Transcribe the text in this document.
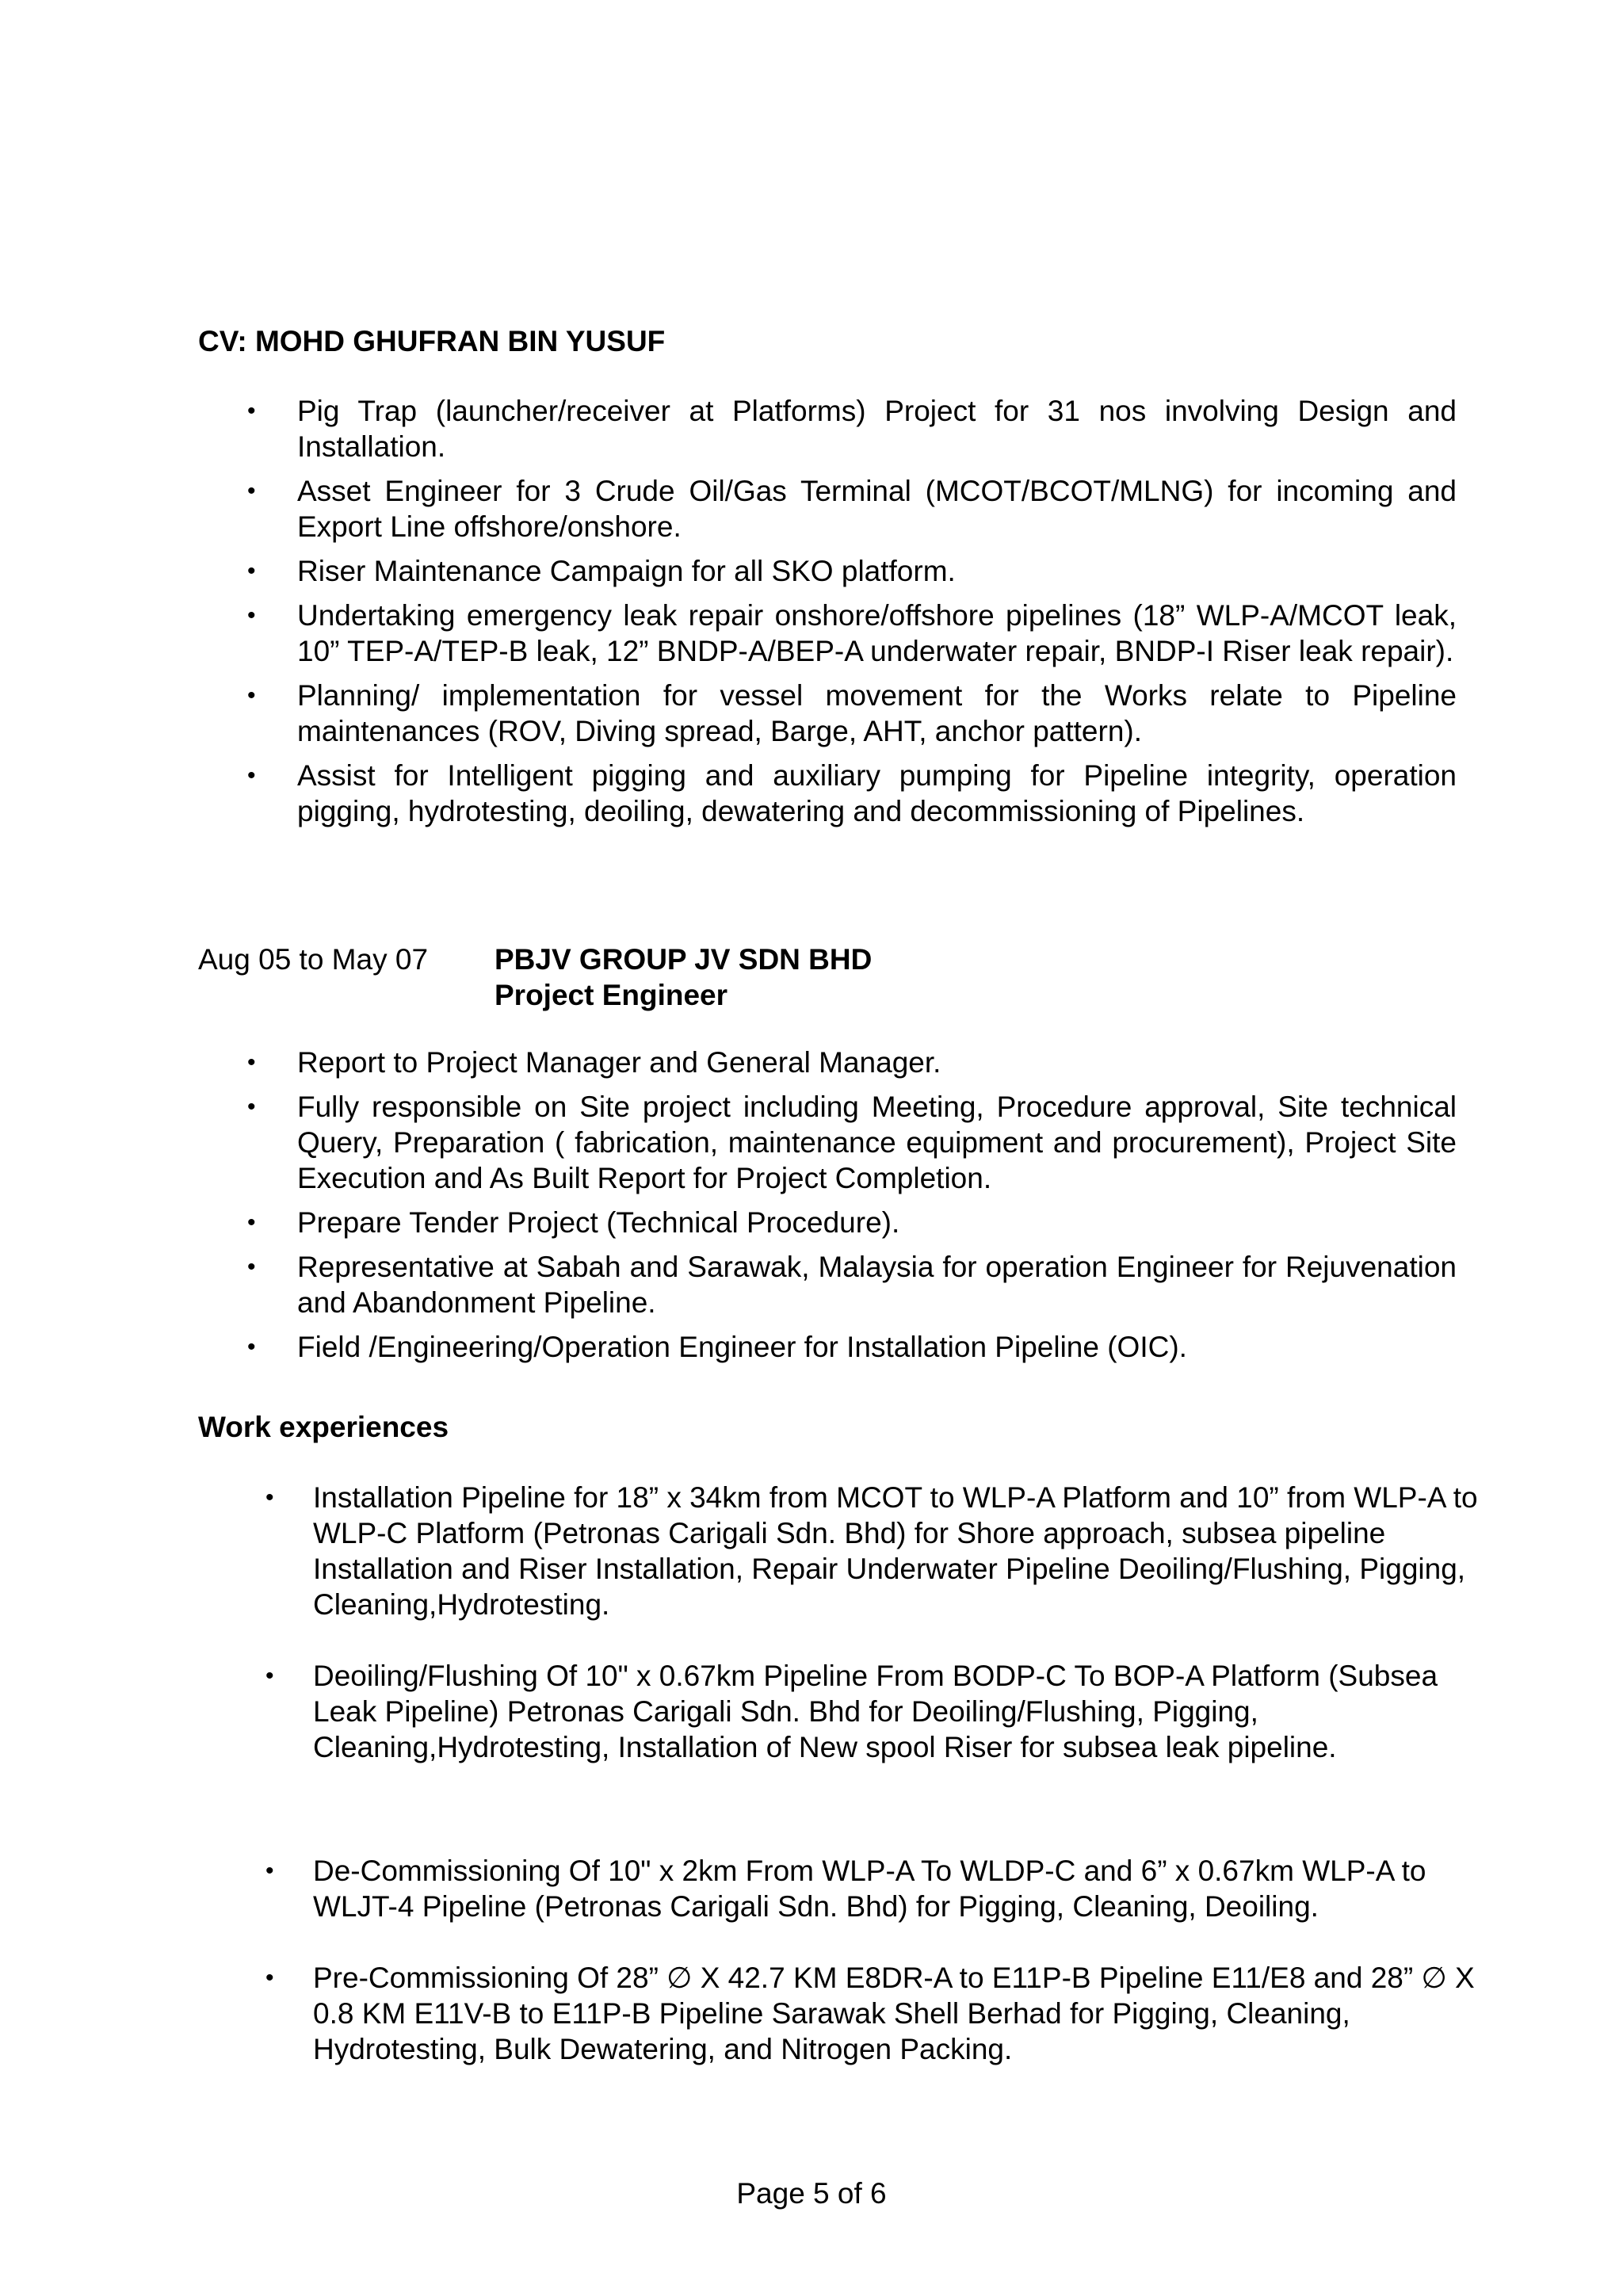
CV: MOHD GHUFRAN BIN YUSUF
• Pig Trap (launcher/receiver at Platforms) Project for 31 nos involving Design and Installation.
• Asset Engineer for 3 Crude Oil/Gas Terminal (MCOT/BCOT/MLNG) for incoming and Export Line offshore/onshore.
• Riser Maintenance Campaign for all SKO platform.
• Undertaking emergency leak repair onshore/offshore pipelines (18” WLP-A/MCOT leak, 10” TEP-A/TEP-B leak, 12” BNDP-A/BEP-A underwater repair, BNDP-I Riser leak repair).
• Planning/ implementation for vessel movement for the Works relate to Pipeline maintenances (ROV, Diving spread, Barge, AHT, anchor pattern).
• Assist for Intelligent pigging and auxiliary pumping for Pipeline integrity, operation pigging, hydrotesting, deoiling, dewatering and decommissioning of Pipelines.
Aug 05 to May 07 PBJV GROUP JV SDN BHD
Project Engineer
• Report to Project Manager and General Manager.
• Fully responsible on Site project including Meeting, Procedure approval, Site technical Query, Preparation ( fabrication, maintenance equipment and procurement), Project Site Execution and As Built Report for Project Completion.
• Prepare Tender Project (Technical Procedure).
• Representative at Sabah and Sarawak, Malaysia for operation Engineer for Rejuvenation and Abandonment Pipeline.
• Field /Engineering/Operation Engineer for Installation Pipeline (OIC).
Work experiences
• Installation Pipeline for 18” x 34km from MCOT to WLP-A Platform and 10” from WLP-A to WLP-C Platform (Petronas Carigali Sdn. Bhd) for Shore approach, subsea pipeline Installation and Riser Installation, Repair Underwater Pipeline Deoiling/Flushing, Pigging, Cleaning,Hydrotesting.
• Deoiling/Flushing Of 10" x 0.67km Pipeline From BODP-C To BOP-A Platform (Subsea Leak Pipeline) Petronas Carigali Sdn. Bhd for Deoiling/Flushing, Pigging, Cleaning,Hydrotesting, Installation of New spool Riser for subsea leak pipeline.
• De-Commissioning Of 10" x 2km From WLP-A To WLDP-C and 6” x 0.67km WLP-A to WLJT-4 Pipeline (Petronas Carigali Sdn. Bhd) for Pigging, Cleaning, Deoiling.
• Pre-Commissioning Of 28” ∅ X 42.7 KM E8DR-A to E11P-B Pipeline E11/E8 and 28” ∅ X 0.8 KM E11V-B to E11P-B Pipeline Sarawak Shell Berhad for Pigging, Cleaning, Hydrotesting, Bulk Dewatering, and Nitrogen Packing.
Page 5 of 6
